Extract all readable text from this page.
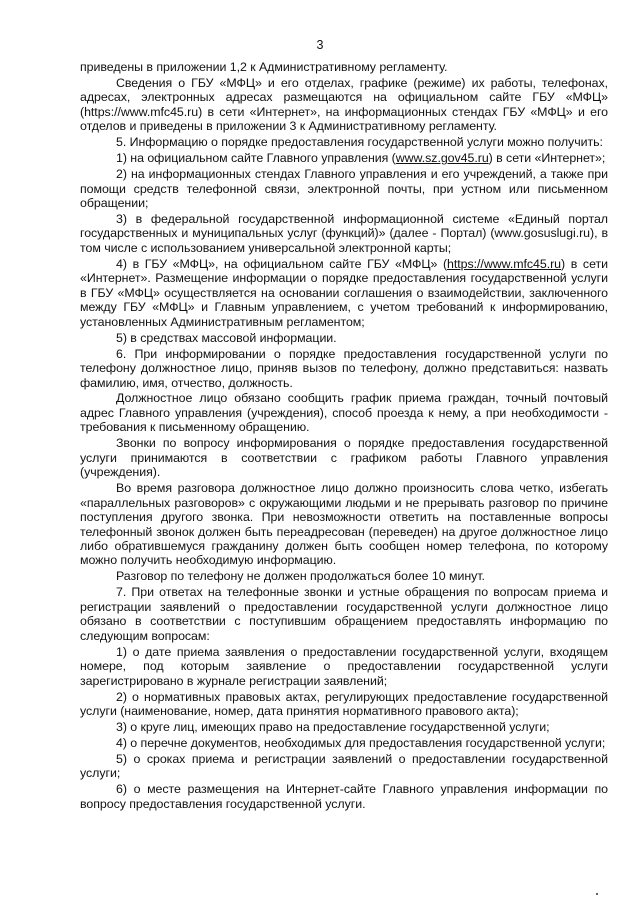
3

приведены в приложении 1,2 к Административному регламенту.

Сведения о ГБУ «МФЦ» и его отделах, графике (режиме) их работы, телефонах, адресах, электронных адресах размещаются на официальном сайте ГБУ «МФЦ» (https://www.mfc45.ru) в сети «Интернет», на информационных стендах ГБУ «МФЦ» и его отделов и приведены в приложении 3 к Административному регламенту.

5. Информацию о порядке предоставления государственной услуги можно получить:

1) на официальном сайте Главного управления (www.sz.gov45.ru) в сети «Интернет»;

2) на информационных стендах Главного управления и его учреждений, а также при помощи средств телефонной связи, электронной почты, при устном или письменном обращении;

3) в федеральной государственной информационной системе «Единый портал государственных и муниципальных услуг (функций)» (далее - Портал) (www.gosuslugi.ru), в том числе с использованием универсальной электронной карты;

4) в ГБУ «МФЦ», на официальном сайте ГБУ «МФЦ» (https://www.mfc45.ru) в сети «Интернет». Размещение информации о порядке предоставления государственной услуги в ГБУ «МФЦ» осуществляется на основании соглашения о взаимодействии, заключенного между ГБУ «МФЦ» и Главным управлением, с учетом требований к информированию, установленных Административным регламентом;

5) в средствах массовой информации.

6. При информировании о порядке предоставления государственной услуги по телефону должностное лицо, приняв вызов по телефону, должно представиться: назвать фамилию, имя, отчество, должность.

Должностное лицо обязано сообщить график приема граждан, точный почтовый адрес Главного управления (учреждения), способ проезда к нему, а при необходимости - требования к письменному обращению.

Звонки по вопросу информирования о порядке предоставления государственной услуги принимаются в соответствии с графиком работы Главного управления (учреждения).

Во время разговора должностное лицо должно произносить слова четко, избегать «параллельных разговоров» с окружающими людьми и не прерывать разговор по причине поступления другого звонка. При невозможности ответить на поставленные вопросы телефонный звонок должен быть переадресован (переведен) на другое должностное лицо либо обратившемуся гражданину должен быть сообщен номер телефона, по которому можно получить необходимую информацию.

Разговор по телефону не должен продолжаться более 10 минут.

7. При ответах на телефонные звонки и устные обращения по вопросам приема и регистрации заявлений о предоставлении государственной услуги должностное лицо обязано в соответствии с поступившим обращением предоставлять информацию по следующим вопросам:

1) о дате приема заявления о предоставлении государственной услуги, входящем номере, под которым заявление о предоставлении государственной услуги зарегистрировано в журнале регистрации заявлений;

2) о нормативных правовых актах, регулирующих предоставление государственной услуги (наименование, номер, дата принятия нормативного правового акта);

3) о круге лиц, имеющих право на предоставление государственной услуги;

4) о перечне документов, необходимых для предоставления государственной услуги;

5) о сроках приема и регистрации заявлений о предоставлении государственной услуги;

6) о месте размещения на Интернет-сайте Главного управления информации по вопросу предоставления государственной услуги.
